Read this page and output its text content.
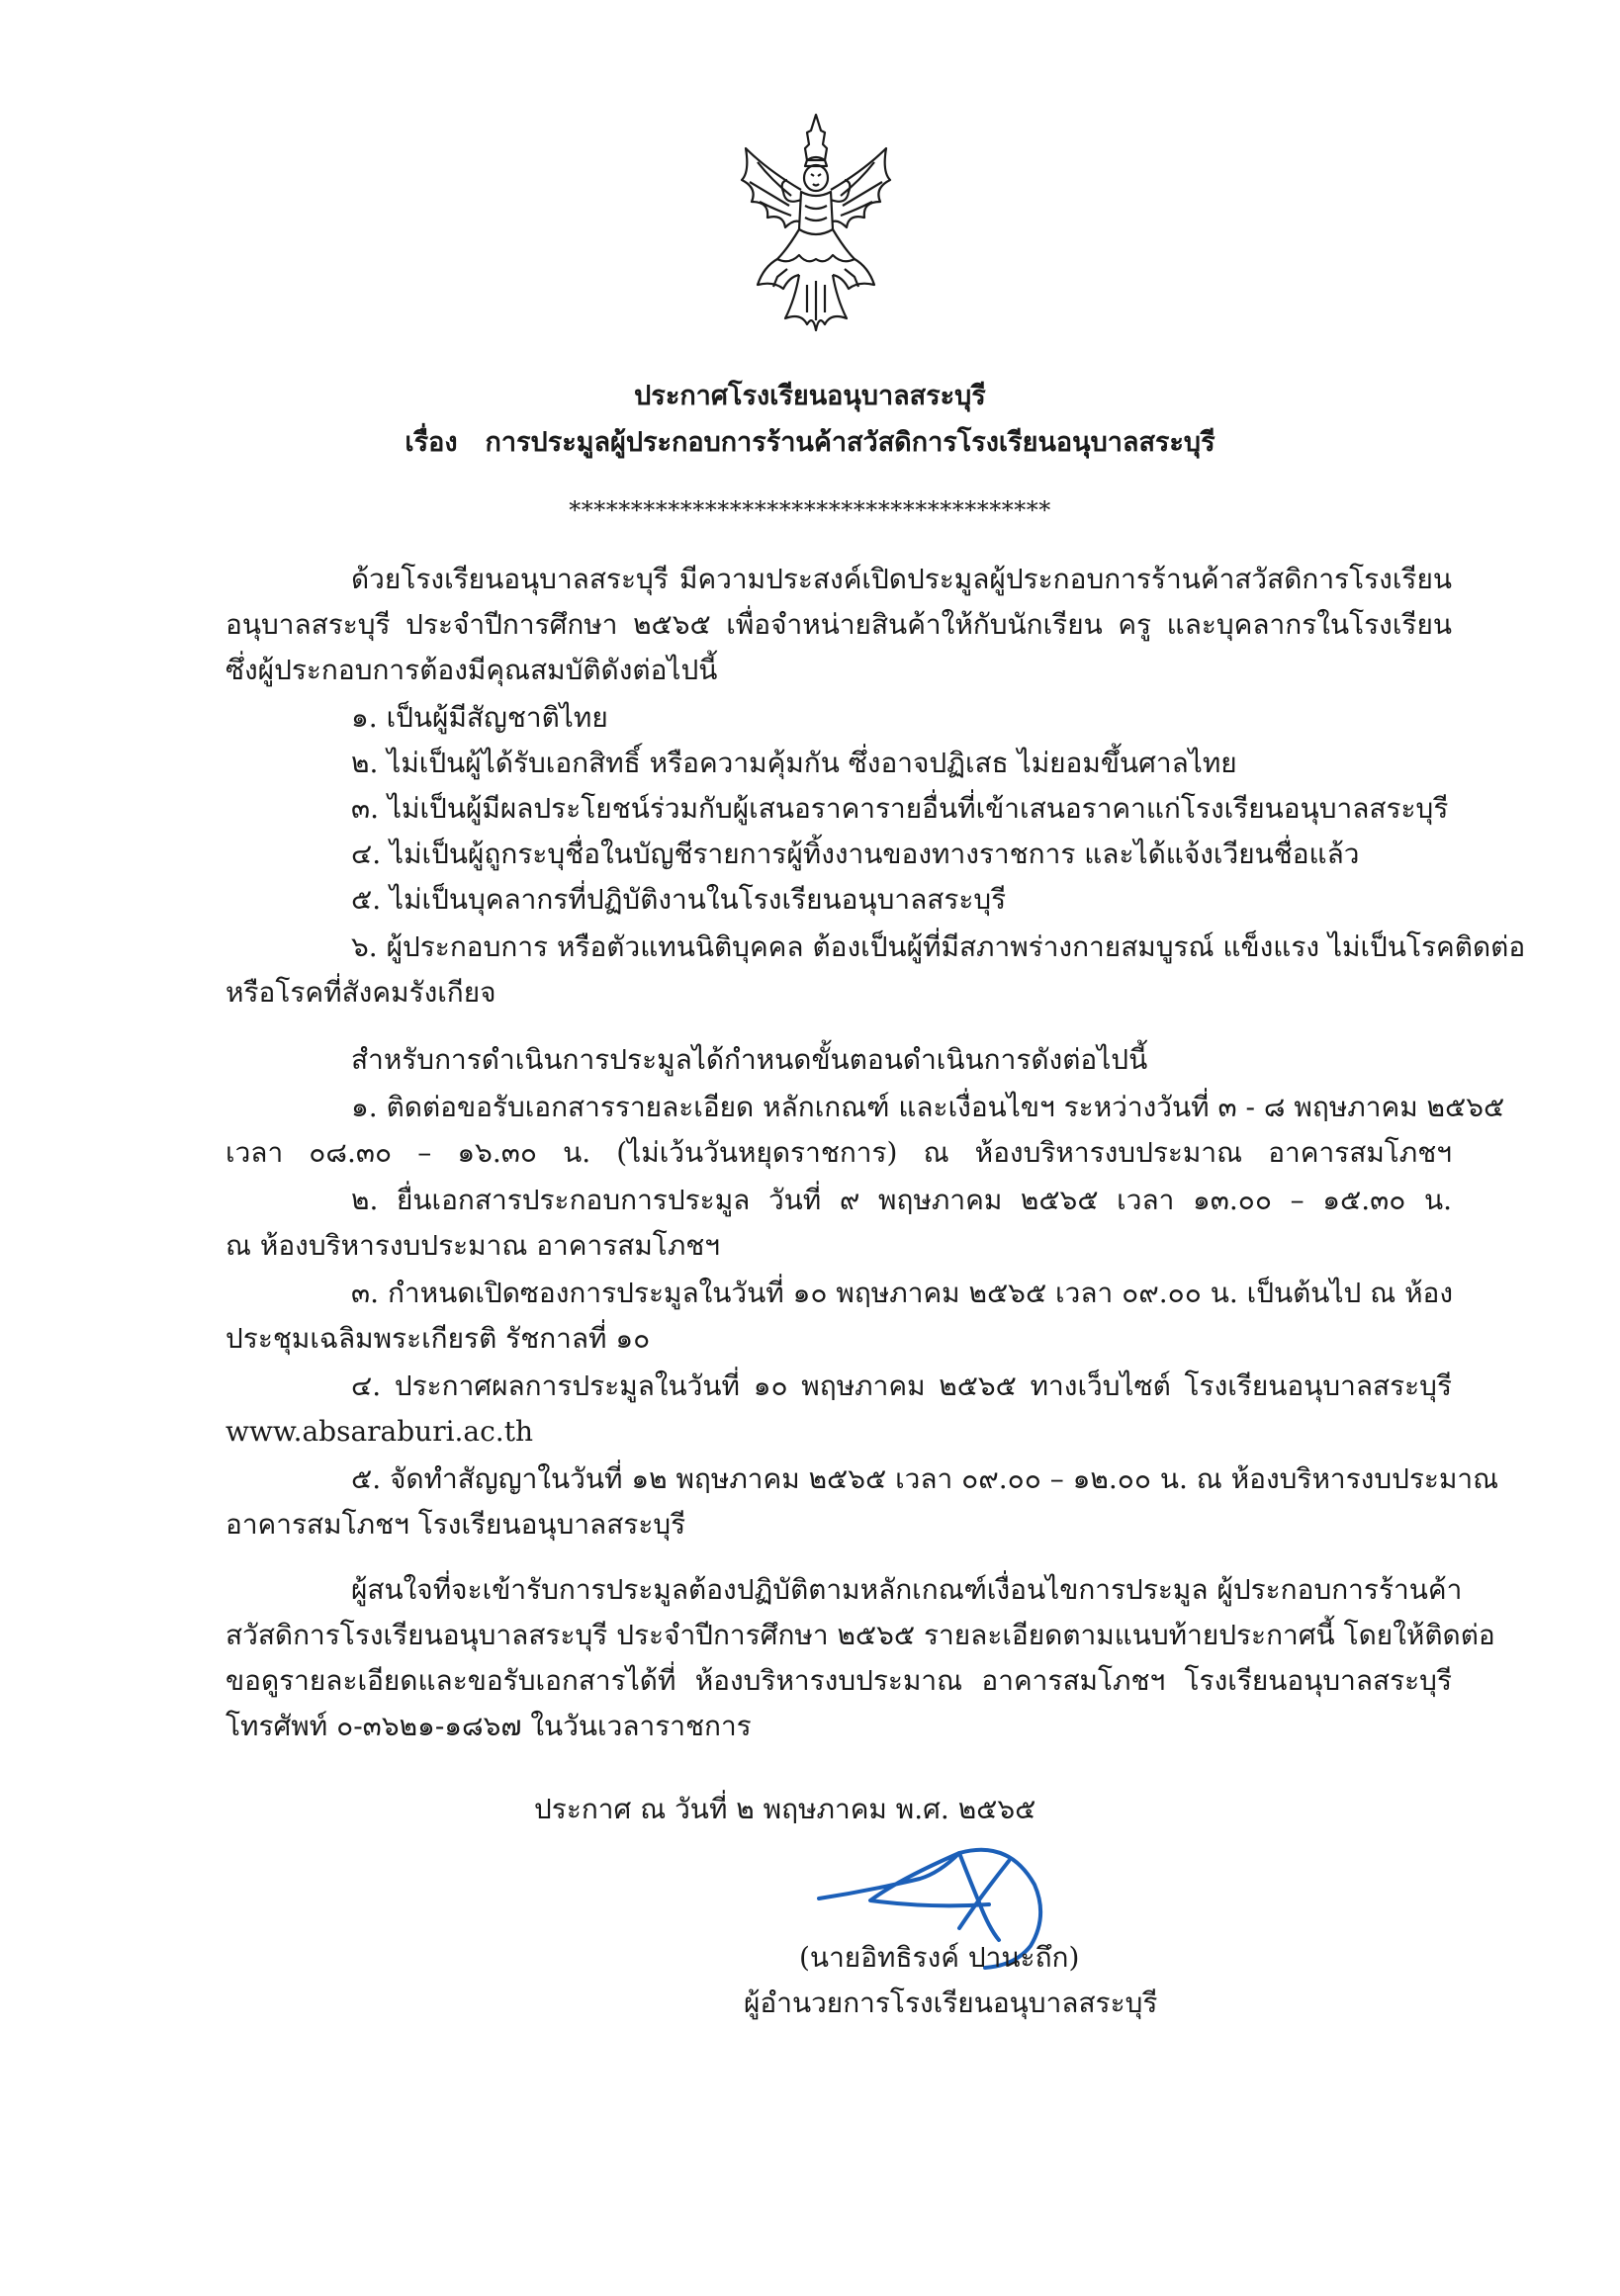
ประกาศโรงเรียนอนุบาลสระบุรี
เรื่อง การประมูลผู้ประกอบการร้านค้าสวัสดิการโรงเรียนอนุบาลสระบุรี
***************************************
ด้วยโรงเรียนอนุบาลสระบุรี มีความประสงค์เปิดประมูลผู้ประกอบการร้านค้าสวัสดิการโรงเรียน
อนุบาลสระบุรี ประจำปีการศึกษา ๒๕๖๕ เพื่อจำหน่ายสินค้าให้กับนักเรียน ครู และบุคลากรในโรงเรียน
ซึ่งผู้ประกอบการต้องมีคุณสมบัติดังต่อไปนี้
๑. เป็นผู้มีสัญชาติไทย
๒. ไม่เป็นผู้ได้รับเอกสิทธิ์ หรือความคุ้มกัน ซึ่งอาจปฏิเสธ ไม่ยอมขึ้นศาลไทย
๓. ไม่เป็นผู้มีผลประโยชน์ร่วมกับผู้เสนอราคารายอื่นที่เข้าเสนอราคาแก่โรงเรียนอนุบาลสระบุรี
๔. ไม่เป็นผู้ถูกระบุชื่อในบัญชีรายการผู้ทิ้งงานของทางราชการ และได้แจ้งเวียนชื่อแล้ว
๕. ไม่เป็นบุคลากรที่ปฏิบัติงานในโรงเรียนอนุบาลสระบุรี
๖. ผู้ประกอบการ หรือตัวแทนนิติบุคคล ต้องเป็นผู้ที่มีสภาพร่างกายสมบูรณ์ แข็งแรง ไม่เป็นโรคติดต่อ
หรือโรคที่สังคมรังเกียจ
สำหรับการดำเนินการประมูลได้กำหนดขั้นตอนดำเนินการดังต่อไปนี้
๑. ติดต่อขอรับเอกสารรายละเอียด หลักเกณฑ์ และเงื่อนไขฯ ระหว่างวันที่ ๓ - ๘ พฤษภาคม ๒๕๖๕
เวลา ๐๘.๓๐ – ๑๖.๓๐ น. (ไม่เว้นวันหยุดราชการ) ณ ห้องบริหารงบประมาณ อาคารสมโภชฯ
๒. ยื่นเอกสารประกอบการประมูล วันที่ ๙ พฤษภาคม ๒๕๖๕ เวลา ๑๓.๐๐ – ๑๕.๓๐ น.
ณ ห้องบริหารงบประมาณ อาคารสมโภชฯ
๓. กำหนดเปิดซองการประมูลในวันที่ ๑๐ พฤษภาคม ๒๕๖๕ เวลา ๐๙.๐๐ น. เป็นต้นไป ณ ห้อง
ประชุมเฉลิมพระเกียรติ รัชกาลที่ ๑๐
๔. ประกาศผลการประมูลในวันที่ ๑๐ พฤษภาคม ๒๕๖๕ ทางเว็บไซต์ โรงเรียนอนุบาลสระบุรี
www.absaraburi.ac.th
๕. จัดทำสัญญาในวันที่ ๑๒ พฤษภาคม ๒๕๖๕ เวลา ๐๙.๐๐ – ๑๒.๐๐ น. ณ ห้องบริหารงบประมาณ
อาคารสมโภชฯ โรงเรียนอนุบาลสระบุรี
ผู้สนใจที่จะเข้ารับการประมูลต้องปฏิบัติตามหลักเกณฑ์เงื่อนไขการประมูล ผู้ประกอบการร้านค้า
สวัสดิการโรงเรียนอนุบาลสระบุรี ประจำปีการศึกษา ๒๕๖๕ รายละเอียดตามแนบท้ายประกาศนี้ โดยให้ติดต่อ
ขอดูรายละเอียดและขอรับเอกสารได้ที่ ห้องบริหารงบประมาณ อาคารสมโภชฯ โรงเรียนอนุบาลสระบุรี
โทรศัพท์ ๐-๓๖๒๑-๑๘๖๗ ในวันเวลาราชการ
ประกาศ ณ วันที่ ๒ พฤษภาคม พ.ศ. ๒๕๖๕
(นายอิทธิรงค์ ปานะถึก)
ผู้อำนวยการโรงเรียนอนุบาลสระบุรี
